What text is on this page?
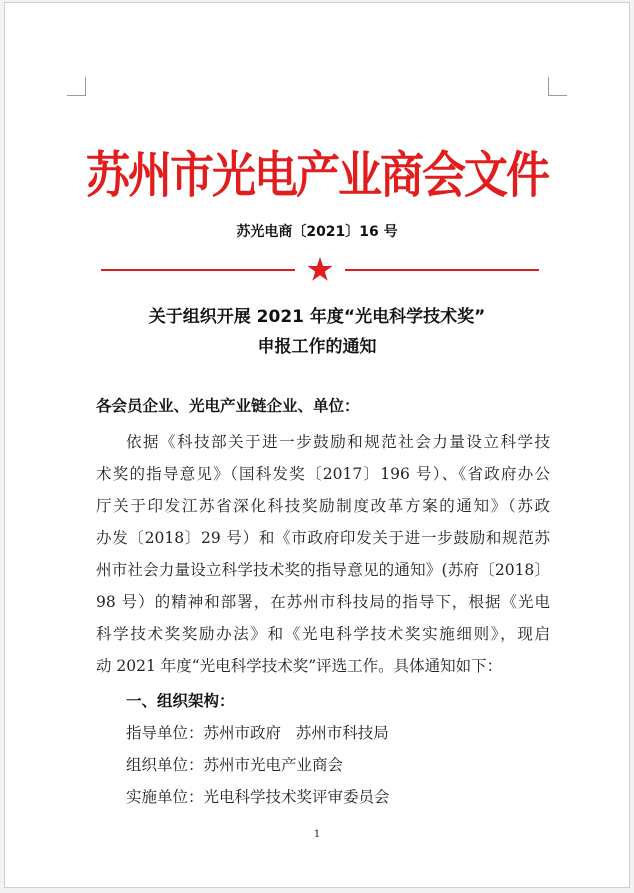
苏州市光电产业商会文件
苏光电商〔2021〕16 号
关于组织开展 2021 年度“光电科学技术奖”
申报工作的通知
各会员企业、光电产业链企业、单位：
依据《科技部关于进一步鼓励和规范社会力量设立科学技
术奖的指导意见》（国科发奖〔2017〕196 号）、《省政府办公
厅关于印发江苏省深化科技奖励制度改革方案的通知》（苏政
办发〔2018〕29 号）和《市政府印发关于进一步鼓励和规范苏
州市社会力量设立科学技术奖的指导意见的通知》(苏府〔2018〕
98 号）的精神和部署，在苏州市科技局的指导下，根据《光电
科学技术奖奖励办法》和《光电科学技术奖实施细则》，现启
动 2021 年度“光电科学技术奖”评选工作。具体通知如下：
一、组织架构：
指导单位：苏州市政府   苏州市科技局
组织单位：苏州市光电产业商会
实施单位：光电科学技术奖评审委员会
1
